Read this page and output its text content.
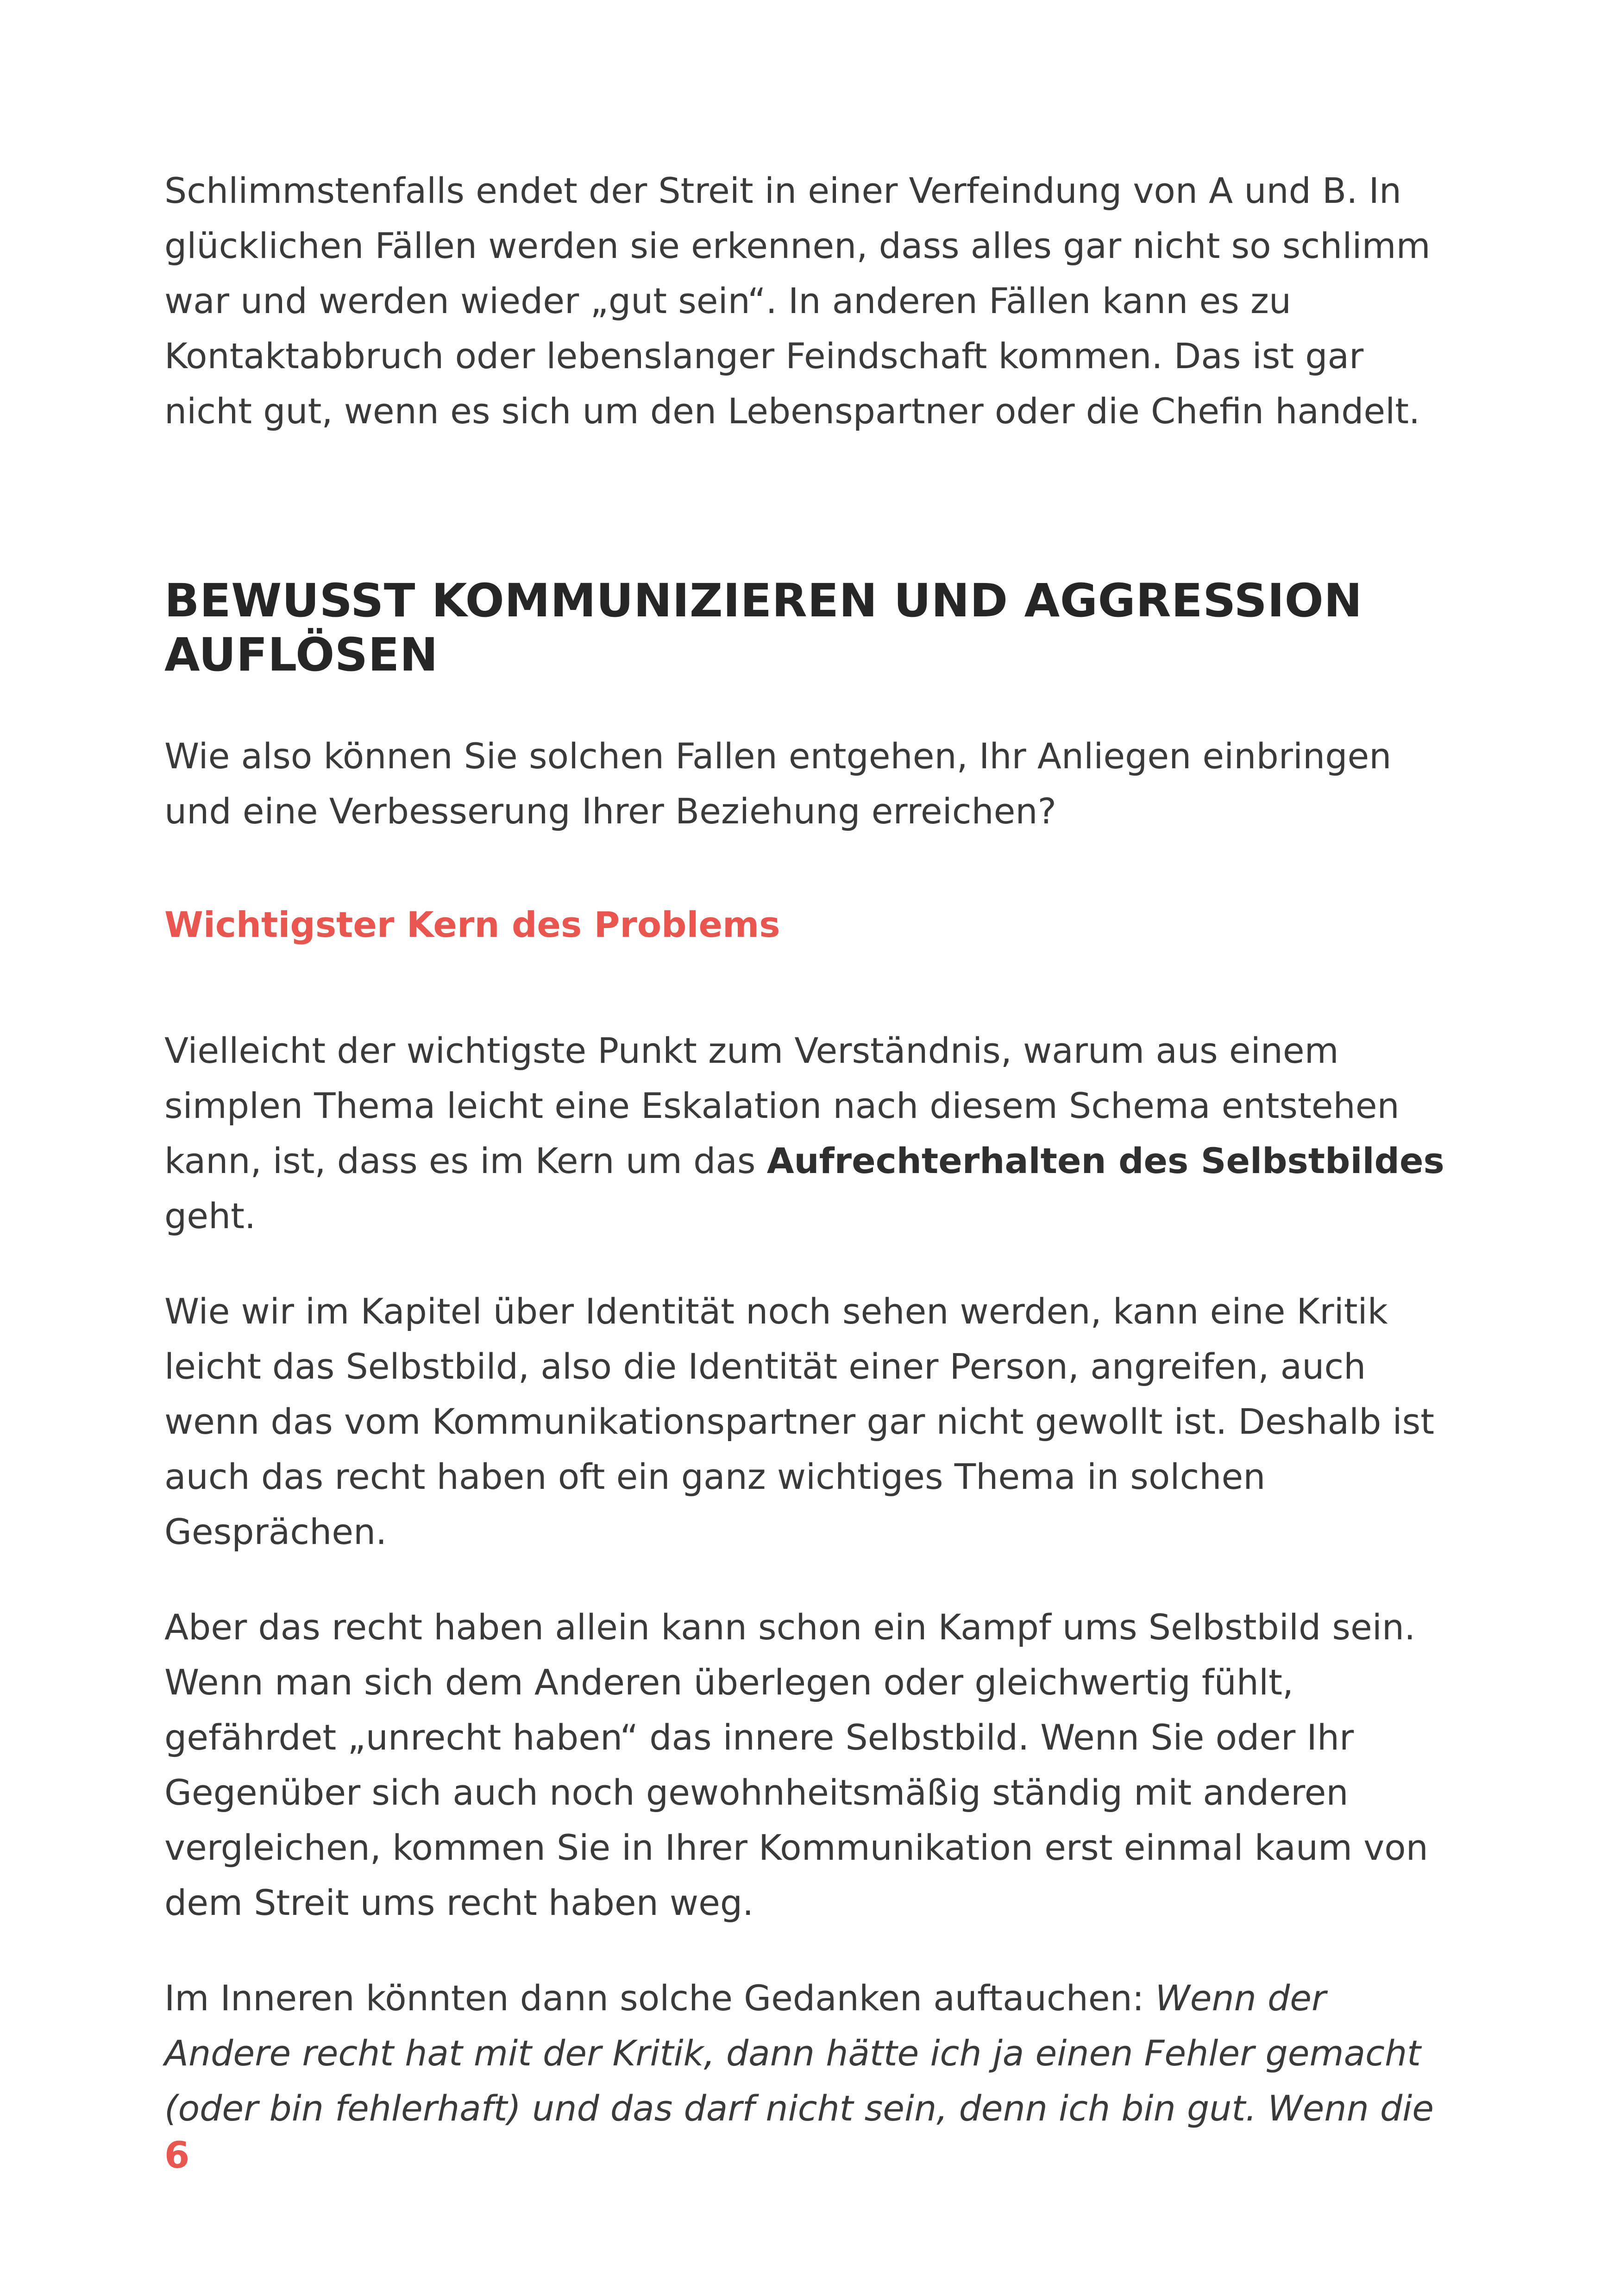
Schlimmstenfalls endet der Streit in einer Verfeindung von A und B. In
glücklichen Fällen werden sie erkennen, dass alles gar nicht so schlimm
war und werden wieder „gut sein“. In anderen Fällen kann es zu
Kontaktabbruch oder lebenslanger Feindschaft kommen. Das ist gar
nicht gut, wenn es sich um den Lebenspartner oder die Chefin handelt.

BEWUSST KOMMUNIZIEREN UND AGGRESSION
AUFLÖSEN

Wie also können Sie solchen Fallen entgehen, Ihr Anliegen einbringen
und eine Verbesserung Ihrer Beziehung erreichen?

Wichtigster Kern des Problems

Vielleicht der wichtigste Punkt zum Verständnis, warum aus einem
simplen Thema leicht eine Eskalation nach diesem Schema entstehen
kann, ist, dass es im Kern um das Aufrechterhalten des Selbstbildes
geht.

Wie wir im Kapitel über Identität noch sehen werden, kann eine Kritik
leicht das Selbstbild, also die Identität einer Person, angreifen, auch
wenn das vom Kommunikationspartner gar nicht gewollt ist. Deshalb ist
auch das recht haben oft ein ganz wichtiges Thema in solchen
Gesprächen.

Aber das recht haben allein kann schon ein Kampf ums Selbstbild sein.
Wenn man sich dem Anderen überlegen oder gleichwertig fühlt,
gefährdet „unrecht haben“ das innere Selbstbild. Wenn Sie oder Ihr
Gegenüber sich auch noch gewohnheitsmäßig ständig mit anderen
vergleichen, kommen Sie in Ihrer Kommunikation erst einmal kaum von
dem Streit ums recht haben weg.

Im Inneren könnten dann solche Gedanken auftauchen: Wenn der
Andere recht hat mit der Kritik, dann hätte ich ja einen Fehler gemacht
(oder bin fehlerhaft) und das darf nicht sein, denn ich bin gut. Wenn die

6
